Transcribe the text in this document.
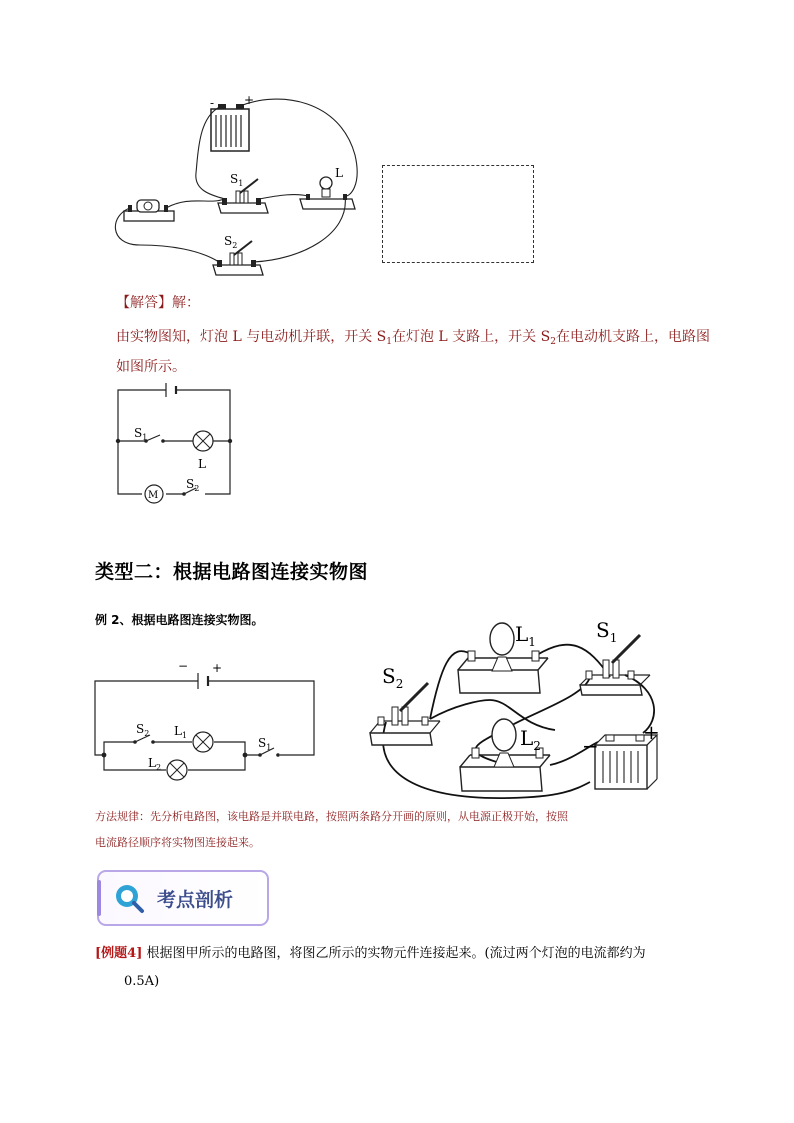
- +
$S_1$
L
$S_2$
【解答】解：
由实物图知，灯泡 L 与电动机并联，开关 $S_1$在灯泡 L 支路上，开关 $S_2$在电动机支路上，电路图
如图所示。
$S_1$
L
M
$S_2$
类型二：根据电路图连接实物图
例 2、根据电路图连接实物图。
− +
$S_2$ $L_1$
$L_2$
$S_1$
$L_1$	$S_1$
$S_2$
$L_2$ −
+
方法规律：先分析电路图，该电路是并联电路，按照两条路分开画的原则，从电源正极开始，按照
电流路径顺序将实物图连接起来。
考点剖析
[例题4] 根据图甲所示的电路图，将图乙所示的实物元件连接起来。(流过两个灯泡的电流都约为
0.5A)
